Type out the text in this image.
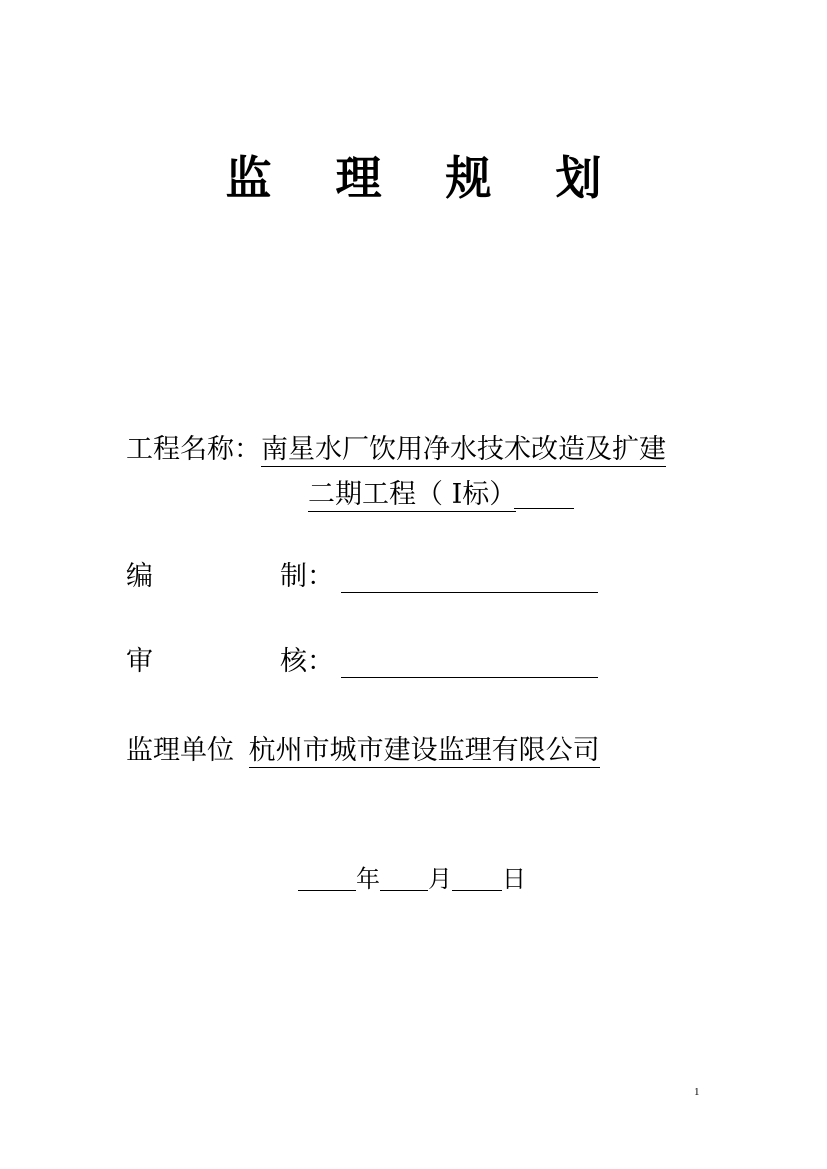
监 理 规 划
工程名称：南星水厂饮用净水技术改造及扩建
二期工程（ Ⅰ标）
编	制：
审	核：
监理单位 杭州市城市建设监理有限公司
年 月 日
1
